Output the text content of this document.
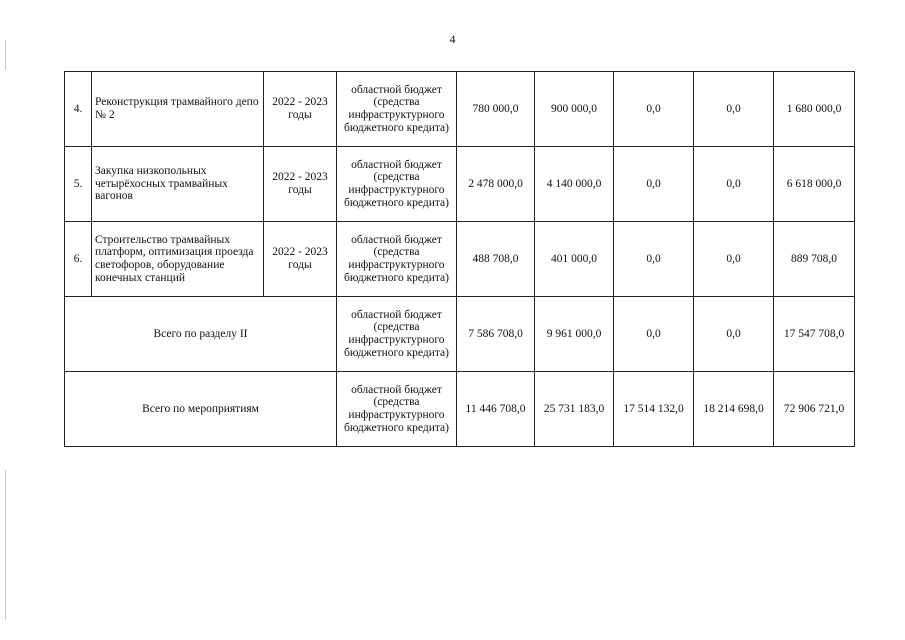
4
4.	Реконструкция трамвайного депо № 2	2022 - 2023 годы	областной бюджет (средства инфраструктурного бюджетного кредита)	780 000,0	900 000,0	0,0	0,0	1 680 000,0
5.	Закупка низкопольных четырёхосных трамвайных вагонов	2022 - 2023 годы	областной бюджет (средства инфраструктурного бюджетного кредита)	2 478 000,0	4 140 000,0	0,0	0,0	6 618 000,0
6.	Строительство трамвайных платформ, оптимизация проезда светофоров, оборудование конечных станций	2022 - 2023 годы	областной бюджет (средства инфраструктурного бюджетного кредита)	488 708,0	401 000,0	0,0	0,0	889 708,0
Всего по разделу II			областной бюджет (средства инфраструктурного бюджетного кредита)	7 586 708,0	9 961 000,0	0,0	0,0	17 547 708,0
Всего по мероприятиям			областной бюджет (средства инфраструктурного бюджетного кредита)	11 446 708,0	25 731 183,0	17 514 132,0	18 214 698,0	72 906 721,0
